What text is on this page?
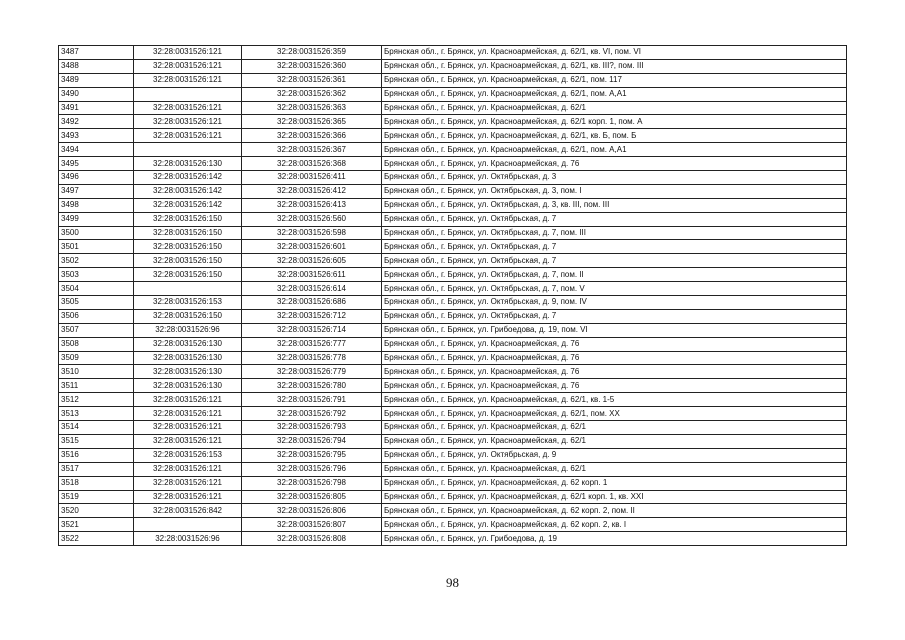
3487	32:28:0031526:121	32:28:0031526:359	Брянская обл., г. Брянск, ул. Красноармейская, д. 62/1, кв. VI, пом. VI
3488	32:28:0031526:121	32:28:0031526:360	Брянская обл., г. Брянск, ул. Красноармейская, д. 62/1, кв. III?, пом. III
3489	32:28:0031526:121	32:28:0031526:361	Брянская обл., г. Брянск, ул. Красноармейская, д. 62/1, пом. 117
3490		32:28:0031526:362	Брянская обл., г. Брянск, ул. Красноармейская, д. 62/1, пом. А,А1
3491	32:28:0031526:121	32:28:0031526:363	Брянская обл., г. Брянск, ул. Красноармейская, д. 62/1
3492	32:28:0031526:121	32:28:0031526:365	Брянская обл., г. Брянск, ул. Красноармейская, д. 62/1 корп. 1, пом. А
3493	32:28:0031526:121	32:28:0031526:366	Брянская обл., г. Брянск, ул. Красноармейская, д. 62/1, кв. Б, пом. Б
3494		32:28:0031526:367	Брянская обл., г. Брянск, ул. Красноармейская, д. 62/1, пом. А,А1
3495	32:28:0031526:130	32:28:0031526:368	Брянская обл., г. Брянск, ул. Красноармейская, д. 76
3496	32:28:0031526:142	32:28:0031526:411	Брянская обл., г. Брянск, ул. Октябрьская, д. 3
3497	32:28:0031526:142	32:28:0031526:412	Брянская обл., г. Брянск, ул. Октябрьская, д. 3, пом. I
3498	32:28:0031526:142	32:28:0031526:413	Брянская обл., г. Брянск, ул. Октябрьская, д. 3, кв. III, пом. III
3499	32:28:0031526:150	32:28:0031526:560	Брянская обл., г. Брянск, ул. Октябрьская, д. 7
3500	32:28:0031526:150	32:28:0031526:598	Брянская обл., г. Брянск, ул. Октябрьская, д. 7, пом. III
3501	32:28:0031526:150	32:28:0031526:601	Брянская обл., г. Брянск, ул. Октябрьская, д. 7
3502	32:28:0031526:150	32:28:0031526:605	Брянская обл., г. Брянск, ул. Октябрьская, д. 7
3503	32:28:0031526:150	32:28:0031526:611	Брянская обл., г. Брянск, ул. Октябрьская, д. 7, пом. II
3504		32:28:0031526:614	Брянская обл., г. Брянск, ул. Октябрьская, д. 7, пом. V
3505	32:28:0031526:153	32:28:0031526:686	Брянская обл., г. Брянск, ул. Октябрьская, д. 9, пом. IV
3506	32:28:0031526:150	32:28:0031526:712	Брянская обл., г. Брянск, ул. Октябрьская, д. 7
3507	32:28:0031526:96	32:28:0031526:714	Брянская обл., г. Брянск, ул. Грибоедова, д. 19, пом. VI
3508	32:28:0031526:130	32:28:0031526:777	Брянская обл., г. Брянск, ул. Красноармейская, д. 76
3509	32:28:0031526:130	32:28:0031526:778	Брянская обл., г. Брянск, ул. Красноармейская, д. 76
3510	32:28:0031526:130	32:28:0031526:779	Брянская обл., г. Брянск, ул. Красноармейская, д. 76
3511	32:28:0031526:130	32:28:0031526:780	Брянская обл., г. Брянск, ул. Красноармейская, д. 76
3512	32:28:0031526:121	32:28:0031526:791	Брянская обл., г. Брянск, ул. Красноармейская, д. 62/1, кв. 1-5
3513	32:28:0031526:121	32:28:0031526:792	Брянская обл., г. Брянск, ул. Красноармейская, д. 62/1, пом. XX
3514	32:28:0031526:121	32:28:0031526:793	Брянская обл., г. Брянск, ул. Красноармейская, д. 62/1
3515	32:28:0031526:121	32:28:0031526:794	Брянская обл., г. Брянск, ул. Красноармейская, д. 62/1
3516	32:28:0031526:153	32:28:0031526:795	Брянская обл., г. Брянск, ул. Октябрьская, д. 9
3517	32:28:0031526:121	32:28:0031526:796	Брянская обл., г. Брянск, ул. Красноармейская, д. 62/1
3518	32:28:0031526:121	32:28:0031526:798	Брянская обл., г. Брянск, ул. Красноармейская, д. 62 корп. 1
3519	32:28:0031526:121	32:28:0031526:805	Брянская обл., г. Брянск, ул. Красноармейская, д. 62/1 корп. 1, кв. XXI
3520	32:28:0031526:842	32:28:0031526:806	Брянская обл., г. Брянск, ул. Красноармейская, д. 62 корп. 2, пом. II
3521		32:28:0031526:807	Брянская обл., г. Брянск, ул. Красноармейская, д. 62 корп. 2, кв. I
3522	32:28:0031526:96	32:28:0031526:808	Брянская обл., г. Брянск, ул. Грибоедова, д. 19
98
